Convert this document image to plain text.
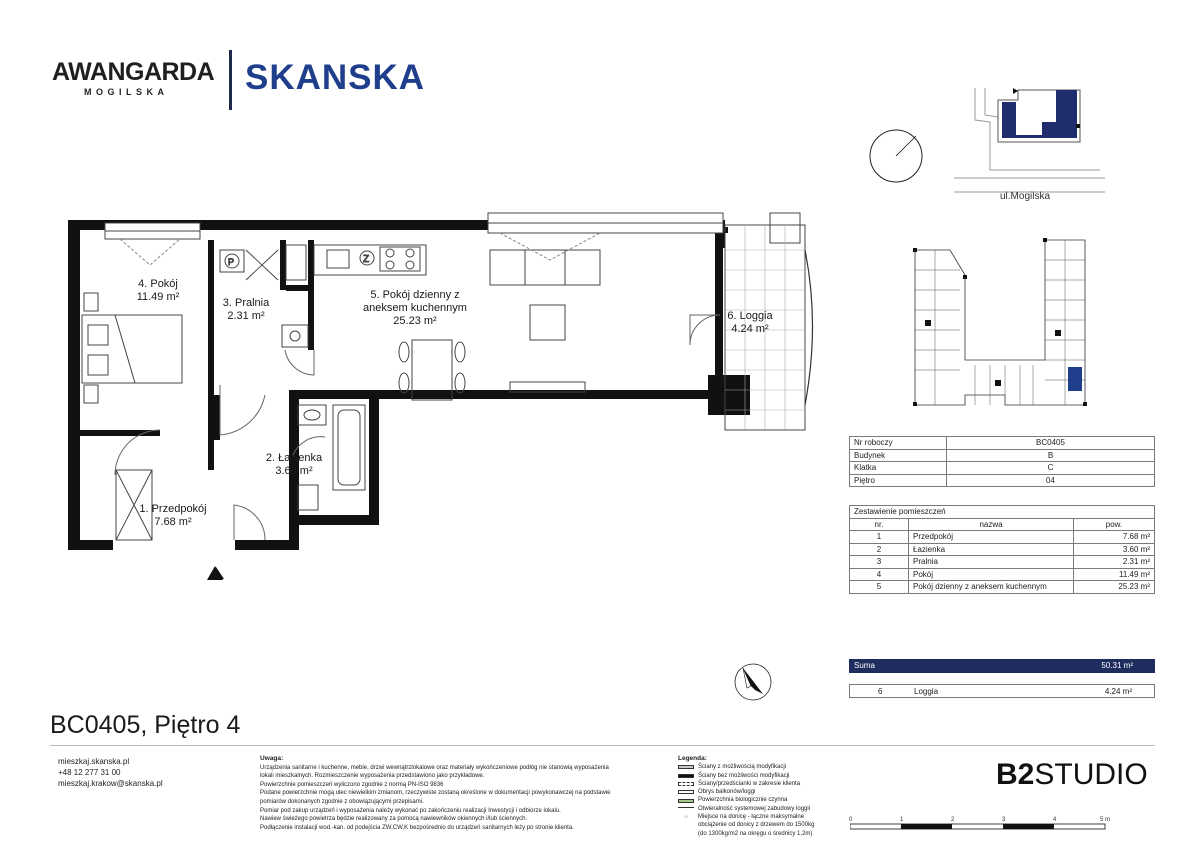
AWANGARDA
MOGILSKA SKANSKA
N
ul.Mogilska
Z
P
1. Przedpokój
7.68 m²
2. Łazienka
3.60 m²
3. Pralnia
2.31 m²
4. Pokój
11.49 m²	5. Pokój dzienny z
aneksem kuchennym
25.23 m²	6. Loggia
4.24 m²
Nr roboczy	BC0405
Budynek	B
Klatka	C
Piętro	04
Zestawienie pomieszczeń		
nr.	nazwa	pow.
1	Przedpokój	7.68 m²
2	Łazienka	3.60 m²
3	Pralnia	2.31 m²
4	Pokój	11.49 m²
5	Pokój dzienny z aneksem kuchennym	25.23 m²
Suma	50.31 m²
6	Loggia	4.24 m²
BC0405, Piętro 4
mieszkaj.skanska.pl
+48 12 277 31 00
mieszkaj.krakow@skanska.pl
Uwaga:
Urządzenia sanitarne i kuchenne, meble, drzwi wewnątrzlokalowe oraz materiały wykończeniowe podłóg nie stanowią wyposażenia
lokali mieszkalnych. Rozmieszczenie wyposażenia przedstawiono jako przykładowe.
Powierzchnie pomieszczeń wyliczono zgodnie z normą PN-ISO 9836
Podane powierzchnie mogą ulec niewielkim zmianom, rzeczywiste zostaną określone w dokumentacji powykonawczej na podstawie
pomiarów dokonanych zgodnie z obowiązującymi przepisami.
Pomiar pod zakup urządzeń i wyposażenia należy wykonać po zakończeniu realizacji Inwestycji i odbiorze lokalu.
Nawiew świeżego powietrza będzie realizowany za pomocą nawiewników okiennych i/lub ściennych.
Podłączenie instalacji wod.-kan. od podejścia ZW,CW,K bezpośrednio do urządzeń sanitarnych leży po stronie klienta.
Legenda:
Ściany z możliwością modyfikacji
Ściany bez możliwości modyfikacji
Ściany/przedścianki w zakresie klienta
Obrys balkonów/loggi
Powierzchnia biologicznie czynna
Otwieralność systemowej zabudowy loggii
⁘	Miejsce na donicę - łączne maksymalne
obciążenie od donicy z drzewem do 1500kg
(do 1300kg/m2 na okręgu o średnicy 1,2m)
B2STUDIO
0	1	2	3	4	5 m
